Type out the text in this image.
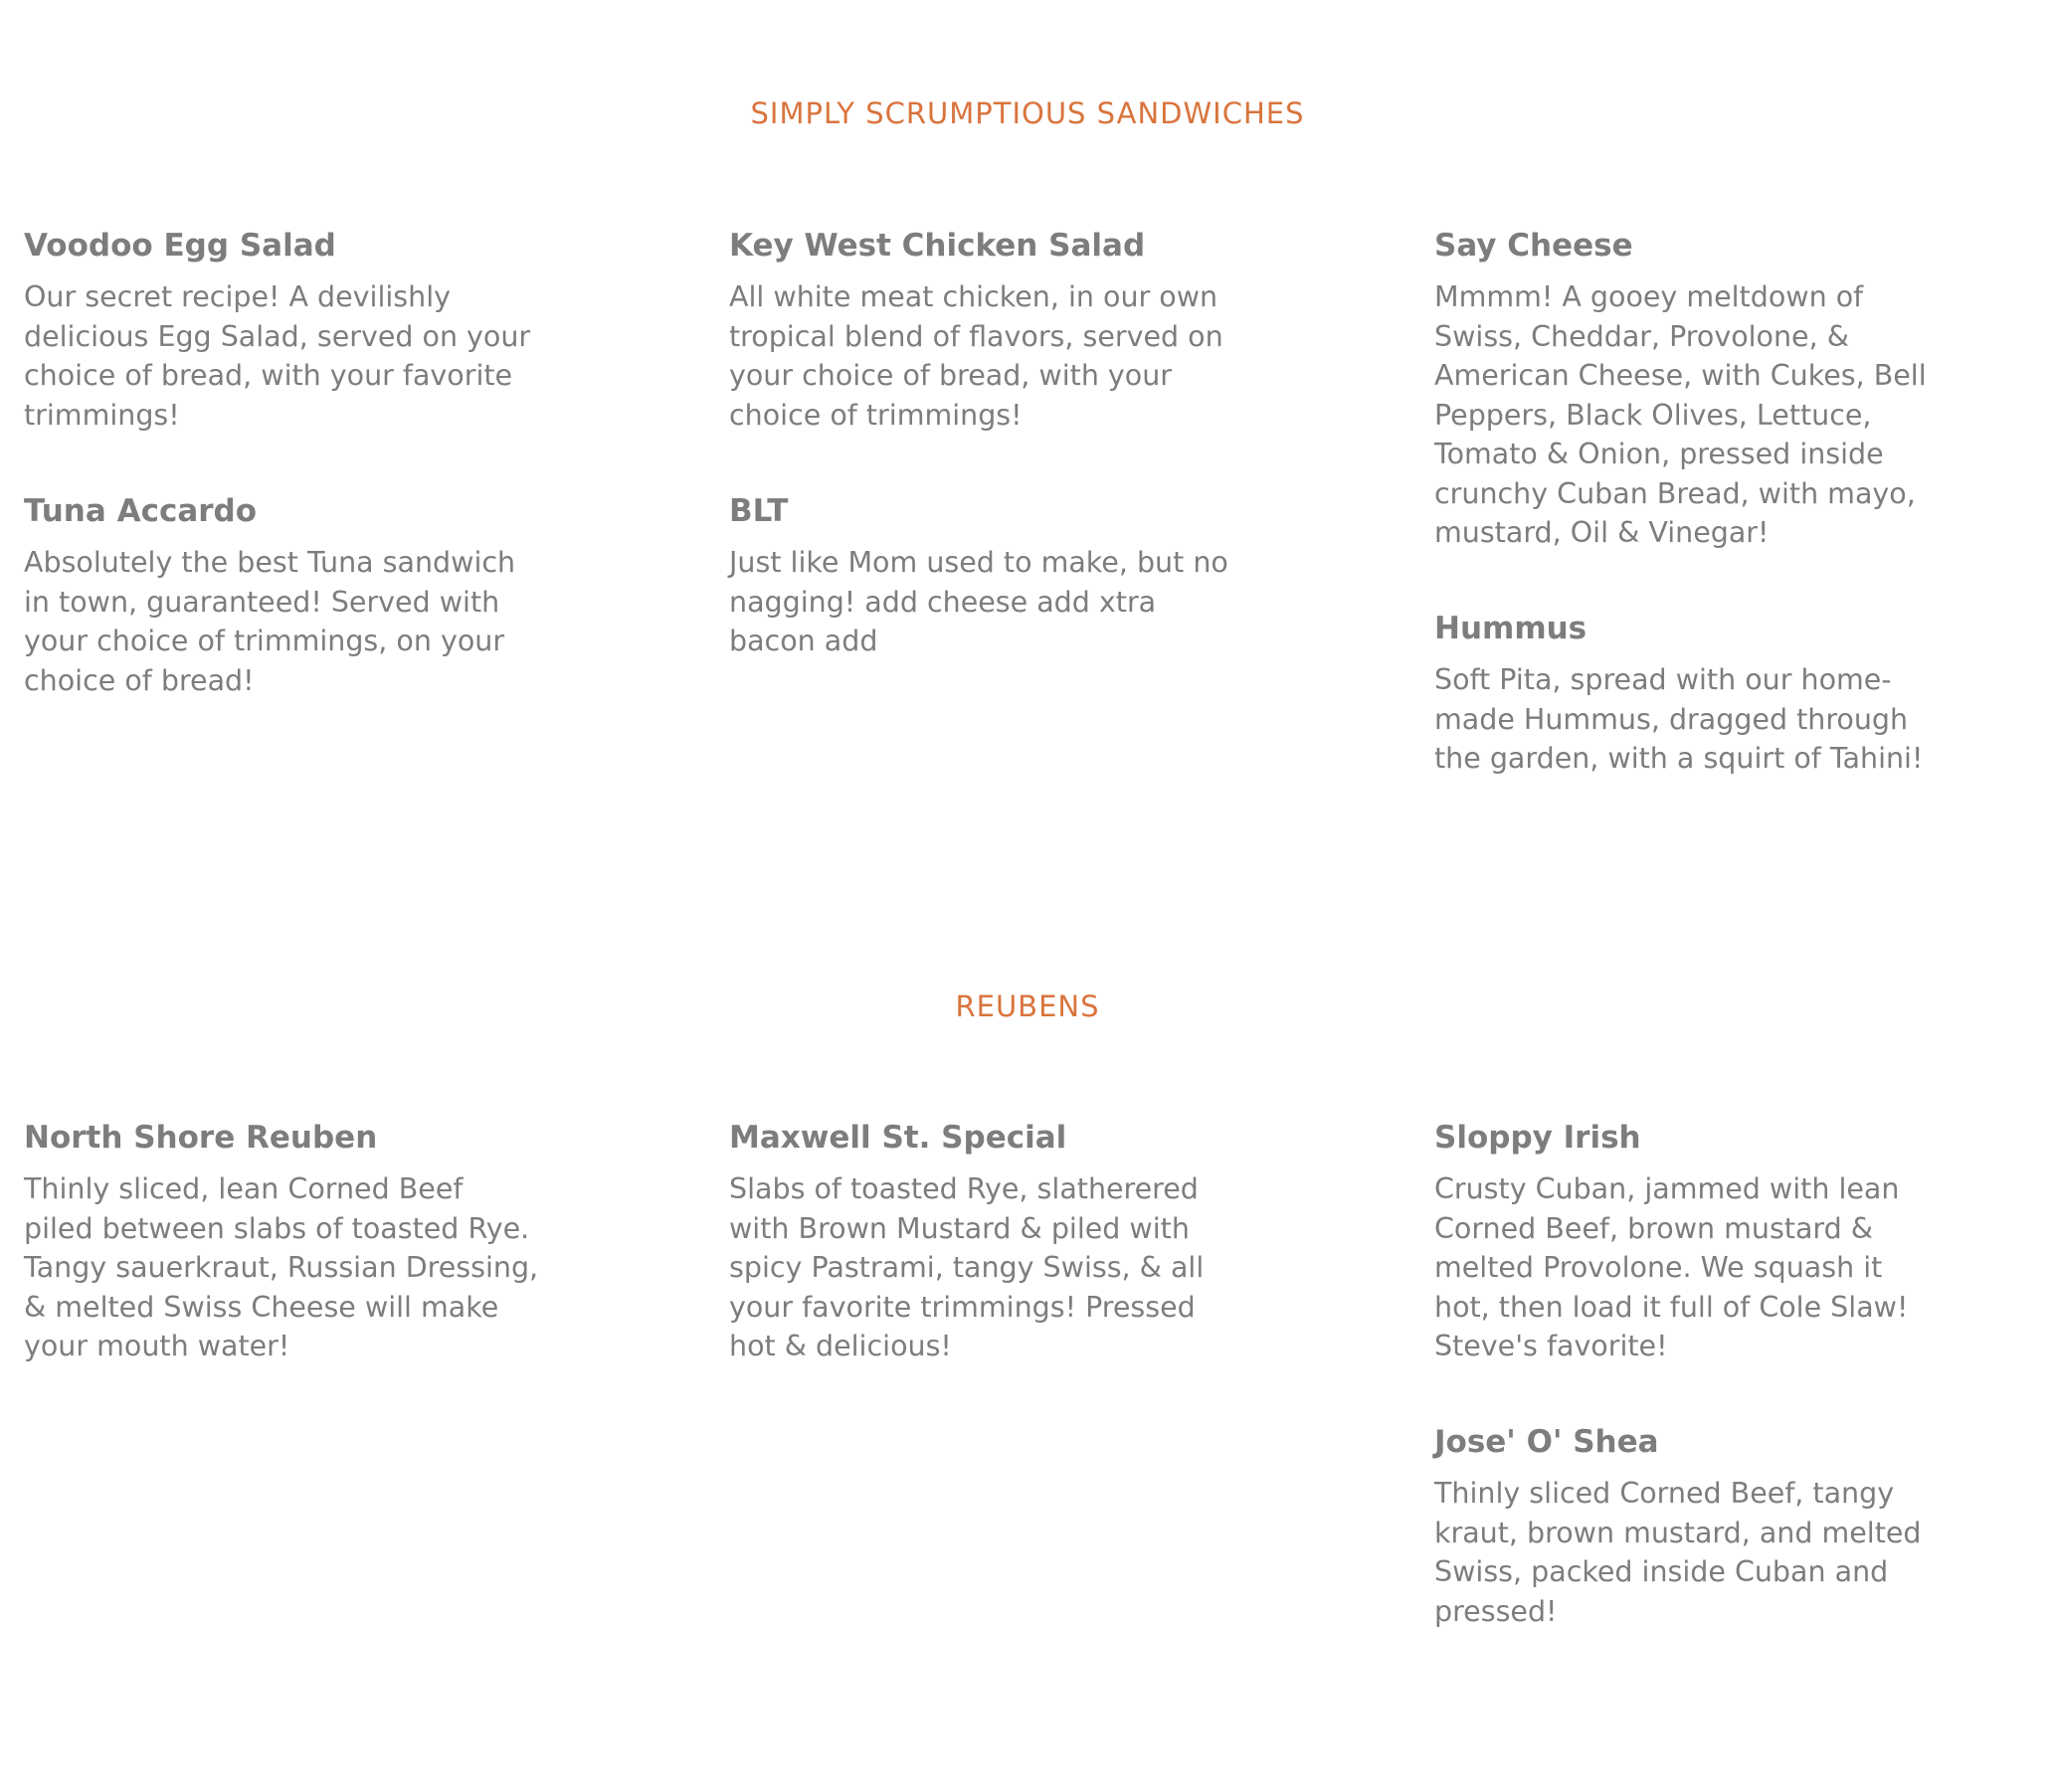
SIMPLY SCRUMPTIOUS SANDWICHES
Voodoo Egg Salad

Our secret recipe! A devilishly
delicious Egg Salad, served on your
choice of bread, with your favorite
trimmings!

Key West Chicken Salad

All white meat chicken, in our own
tropical blend of flavors, served on
your choice of bread, with your
choice of trimmings!

Say Cheese

Mmmm! A gooey meltdown of
Swiss, Cheddar, Provolone, &
American Cheese, with Cukes, Bell
Peppers, Black Olives, Lettuce,
Tomato & Onion, pressed inside
crunchy Cuban Bread, with mayo,
mustard, Oil & Vinegar!

Tuna Accardo

Absolutely the best Tuna sandwich
in town, guaranteed! Served with
your choice of trimmings, on your
choice of bread!

BLT

Just like Mom used to make, but no
nagging! add cheese add xtra
bacon add	Hummus

Soft Pita, spread with our home-
made Hummus, dragged through
the garden, with a squirt of Tahini!

REUBENS
North Shore Reuben

Thinly sliced, lean Corned Beef
piled between slabs of toasted Rye.
Tangy sauerkraut, Russian Dressing,
& melted Swiss Cheese will make
your mouth water!

Maxwell St. Special

Slabs of toasted Rye, slatherered
with Brown Mustard & piled with
spicy Pastrami, tangy Swiss, & all
your favorite trimmings! Pressed
hot & delicious!

Sloppy Irish

Crusty Cuban, jammed with lean
Corned Beef, brown mustard &
melted Provolone. We squash it
hot, then load it full of Cole Slaw!
Steve's favorite!

Jose' O' Shea

Thinly sliced Corned Beef, tangy
kraut, brown mustard, and melted
Swiss, packed inside Cuban and
pressed!
